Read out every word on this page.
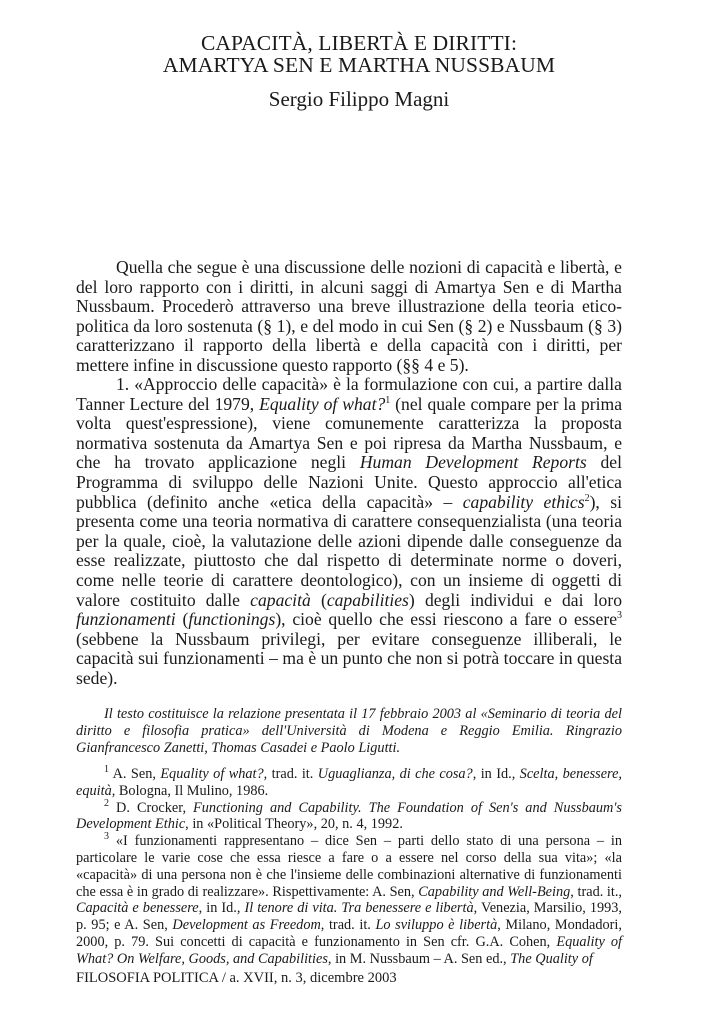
CAPACITÀ, LIBERTÀ E DIRITTI:
AMARTYA SEN E MARTHA NUSSBAUM
Sergio Filippo Magni

Quella che segue è una discussione delle nozioni di capacità e libertà, e del loro rapporto con i diritti, in alcuni saggi di Amartya Sen e di Martha Nussbaum. Procederò attraverso una breve illustrazione della teoria etico-politica da loro sostenuta (§ 1), e del modo in cui Sen (§ 2) e Nussbaum (§ 3) caratterizzano il rapporto della libertà e della capacità con i diritti, per mettere infine in discussione questo rapporto (§§ 4 e 5).

1. «Approccio delle capacità» è la formulazione con cui, a partire dalla Tanner Lecture del 1979, Equality of what?$^1$ (nel quale compare per la prima volta quest'espressione), viene comunemente caratterizza la proposta normativa sostenuta da Amartya Sen e poi ripresa da Martha Nussbaum, e che ha trovato applicazione negli Human Development Reports del Programma di sviluppo delle Nazioni Unite. Questo approccio all'etica pubblica (definito anche «etica della capacità» – capability ethics$^2$), si presenta come una teoria normativa di carattere consequenzialista (una teoria per la quale, cioè, la valutazione delle azioni dipende dalle conseguenze da esse realizzate, piuttosto che dal rispetto di determinate norme o doveri, come nelle teorie di carattere deontologico), con un insieme di oggetti di valore costituito dalle capacità (capabilities) degli individui e dai loro funzionamenti (functionings), cioè quello che essi riescono a fare o essere$^3$ (sebbene la Nussbaum privilegi, per evitare conseguenze illiberali, le capacità sui funzionamenti – ma è un punto che non si potrà toccare in questa sede).

Il testo costituisce la relazione presentata il 17 febbraio 2003 al «Seminario di teoria del diritto e filosofia pratica» dell'Università di Modena e Reggio Emilia. Ringrazio Gianfrancesco Zanetti, Thomas Casadei e Paolo Ligutti.

$^1$ A. Sen, Equality of what?, trad. it. Uguaglianza, di che cosa?, in Id., Scelta, benessere, equità, Bologna, Il Mulino, 1986.

$^2$ D. Crocker, Functioning and Capability. The Foundation of Sen's and Nussbaum's Development Ethic, in «Political Theory», 20, n. 4, 1992.

$^3$ «I funzionamenti rappresentano – dice Sen – parti dello stato di una persona – in particolare le varie cose che essa riesce a fare o a essere nel corso della sua vita»; «la «capacità» di una persona non è che l'insieme delle combinazioni alternative di funzionamenti che essa è in grado di realizzare». Rispettivamente: A. Sen, Capability and Well-Being, trad. it., Capacità e benessere, in Id., Il tenore di vita. Tra benessere e libertà, Venezia, Marsilio, 1993, p. 95; e A. Sen, Development as Freedom, trad. it. Lo sviluppo è libertà, Milano, Mondadori, 2000, p. 79. Sui concetti di capacità e funzionamento in Sen cfr. G.A. Cohen, Equality of What? On Welfare, Goods, and Capabilities, in M. Nussbaum – A. Sen ed., The Quality of

FILOSOFIA POLITICA / a. XVII, n. 3, dicembre 2003
